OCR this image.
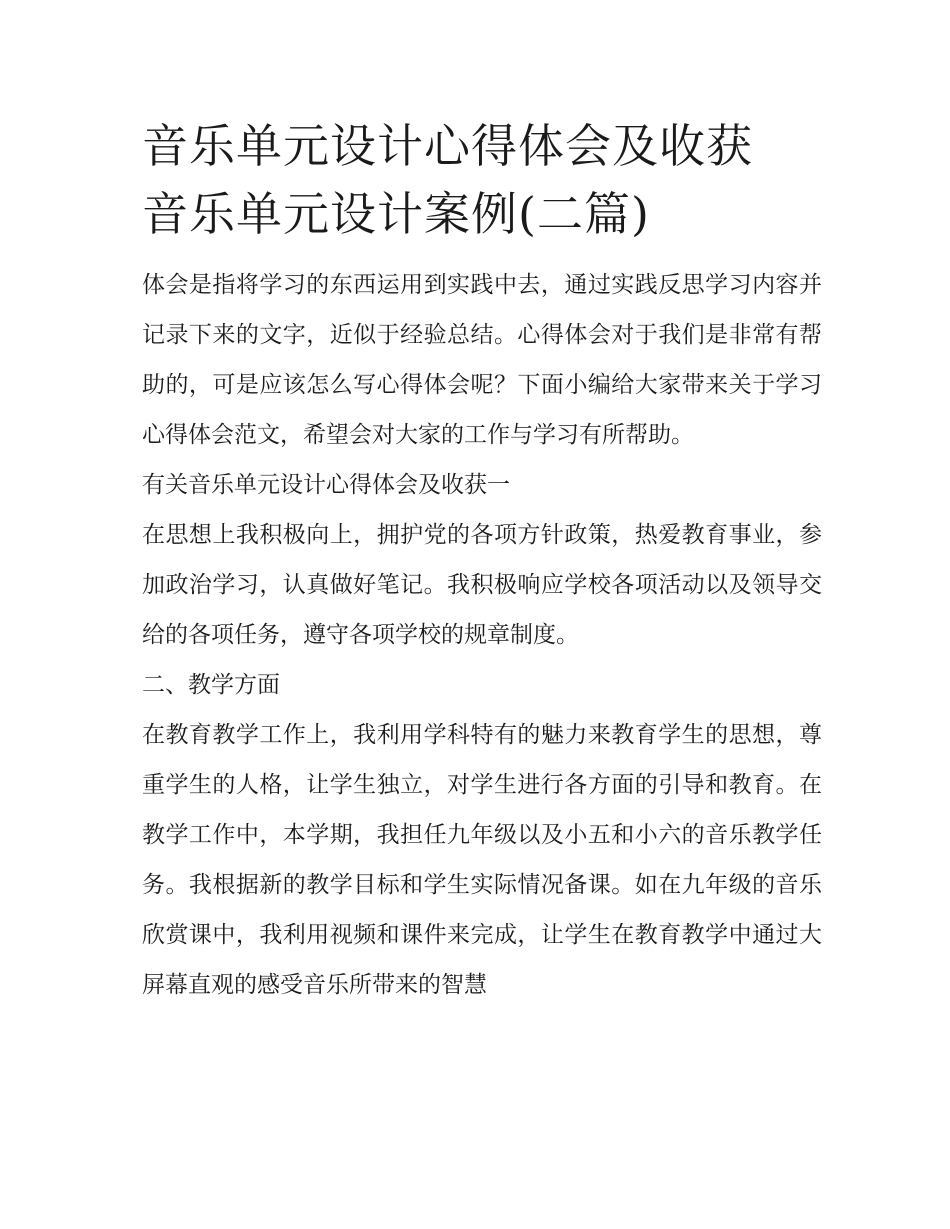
音乐单元设计心得体会及收获
音乐单元设计案例(二篇)

体会是指将学习的东西运用到实践中去，通过实践反思学习内容并记录下来的文字，近似于经验总结。心得体会对于我们是非常有帮助的，可是应该怎么写心得体会呢？下面小编给大家带来关于学习心得体会范文，希望会对大家的工作与学习有所帮助。

有关音乐单元设计心得体会及收获一

在思想上我积极向上，拥护党的各项方针政策，热爱教育事业，参加政治学习，认真做好笔记。我积极响应学校各项活动以及领导交给的各项任务，遵守各项学校的规章制度。

二、教学方面

在教育教学工作上，我利用学科特有的魅力来教育学生的思想，尊重学生的人格，让学生独立，对学生进行各方面的引导和教育。在教学工作中，本学期，我担任九年级以及小五和小六的音乐教学任务。我根据新的教学目标和学生实际情况备课。如在九年级的音乐欣赏课中，我利用视频和课件来完成，让学生在教育教学中通过大屏幕直观的感受音乐所带来的智慧
